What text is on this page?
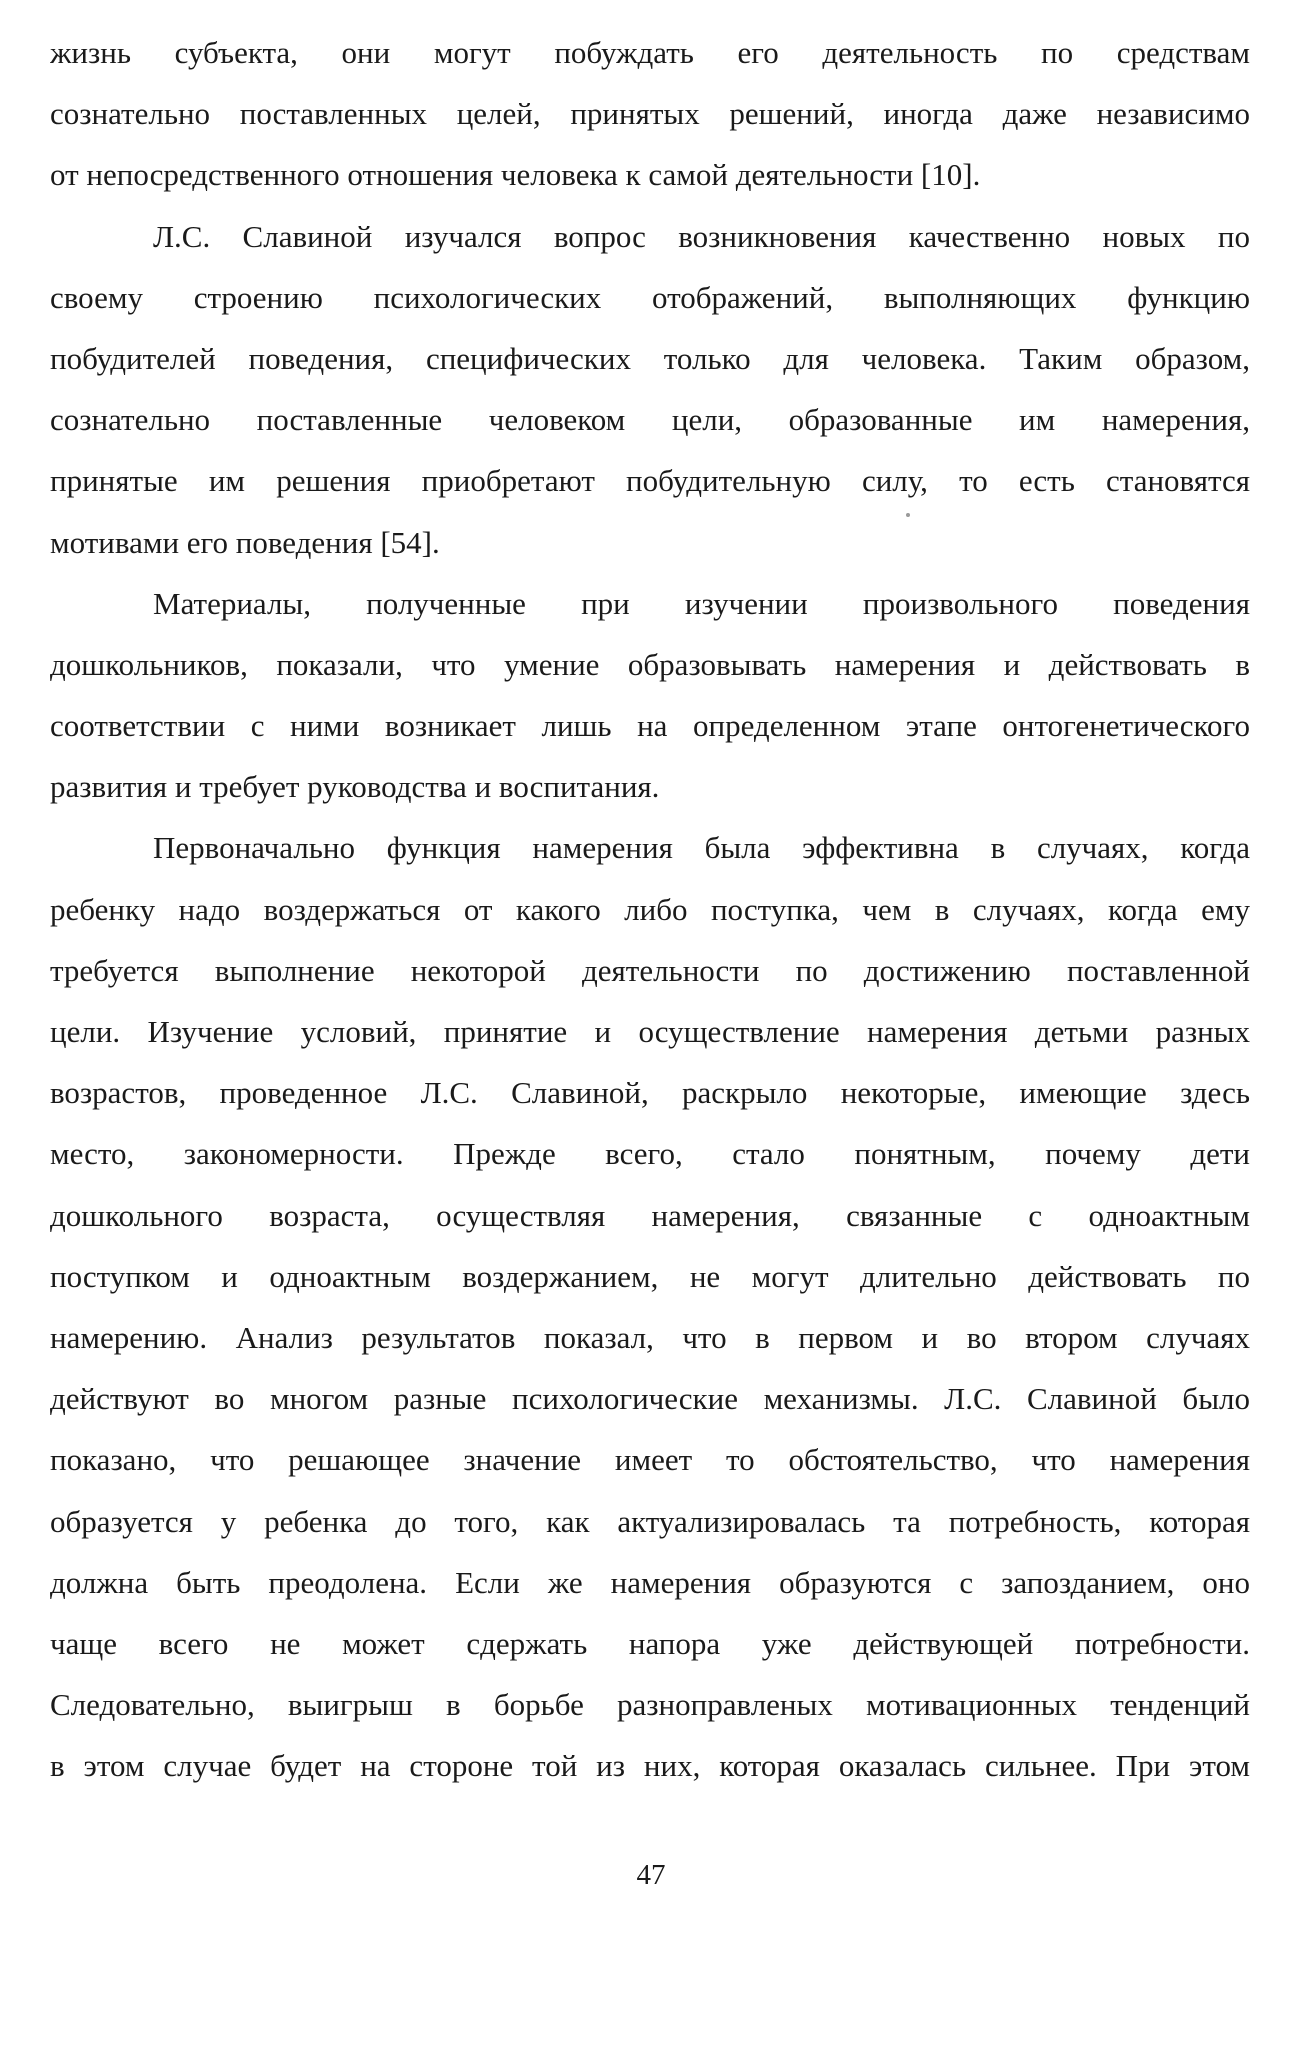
жизнь субъекта, они могут побуждать его деятельность по средствам
сознательно поставленных целей, принятых решений, иногда даже независимо
от непосредственного отношения человека к самой деятельности [10].
Л.С. Славиной изучался вопрос возникновения качественно новых по
своему строению психологических отображений, выполняющих функцию
побудителей поведения, специфических только для человека. Таким образом,
сознательно поставленные человеком цели, образованные им намерения,
принятые им решения приобретают побудительную силу, то есть становятся
мотивами его поведения [54].
Материалы, полученные при изучении произвольного поведения
дошкольников, показали, что умение образовывать намерения и действовать в
соответствии с ними возникает лишь на определенном этапе онтогенетического
развития и требует руководства и воспитания.
Первоначально функция намерения была эффективна в случаях, когда
ребенку надо воздержаться от какого либо поступка, чем в случаях, когда ему
требуется выполнение некоторой деятельности по достижению поставленной
цели. Изучение условий, принятие и осуществление намерения детьми разных
возрастов, проведенное Л.С. Славиной, раскрыло некоторые, имеющие здесь
место, закономерности. Прежде всего, стало понятным, почему дети
дошкольного возраста, осуществляя намерения, связанные с одноактным
поступком и одноактным воздержанием, не могут длительно действовать по
намерению. Анализ результатов показал, что в первом и во втором случаях
действуют во многом разные психологические механизмы. Л.С. Славиной было
показано, что решающее значение имеет то обстоятельство, что намерения
образуется у ребенка до того, как актуализировалась та потребность, которая
должна быть преодолена. Если же намерения образуются с запозданием, оно
чаще всего не может сдержать напора уже действующей потребности.
Следовательно, выигрыш в борьбе разноправленых мотивационных тенденций
в этом случае будет на стороне той из них, которая оказалась сильнее. При этом
47
